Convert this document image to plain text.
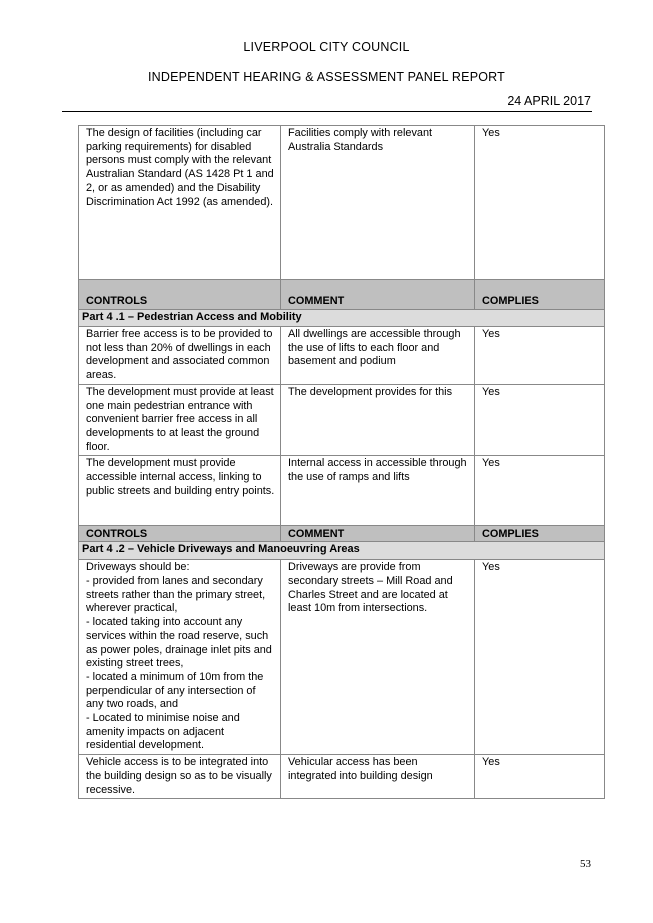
LIVERPOOL CITY COUNCIL
INDEPENDENT HEARING & ASSESSMENT PANEL REPORT
24 APRIL 2017
The design of facilities (including car parking requirements) for disabled persons must comply with the relevant Australian Standard (AS 1428 Pt 1 and 2, or as amended) and the Disability Discrimination Act 1992 (as amended).	Facilities comply with relevant Australia Standards	Yes
CONTROLS	COMMENT	COMPLIES
Part 4 .1 – Pedestrian Access and Mobility		
Barrier free access is to be provided to not less than 20% of dwellings in each development and associated common areas.	All dwellings are accessible through the use of lifts to each floor and basement and podium	Yes
The development must provide at least one main pedestrian entrance with convenient barrier free access in all developments to at least the ground floor.	The development provides for this	Yes
The development must provide accessible internal access, linking to public streets and building entry points.	Internal access in accessible through the use of ramps and lifts	Yes
CONTROLS	COMMENT	COMPLIES
Part 4 .2 – Vehicle Driveways and Manoeuvring Areas		
Driveways should be:
- provided from lanes and secondary streets rather than the primary street, wherever practical,
- located taking into account any services within the road reserve, such as power poles, drainage inlet pits and existing street trees,
- located a minimum of 10m from the perpendicular of any intersection of any two roads, and
- Located to minimise noise and amenity impacts on adjacent residential development.	Driveways are provide from secondary streets – Mill Road and Charles Street and are located at least 10m from intersections.	Yes
Vehicle access is to be integrated into the building design so as to be visually recessive.	Vehicular access has been integrated into building design	Yes
53
